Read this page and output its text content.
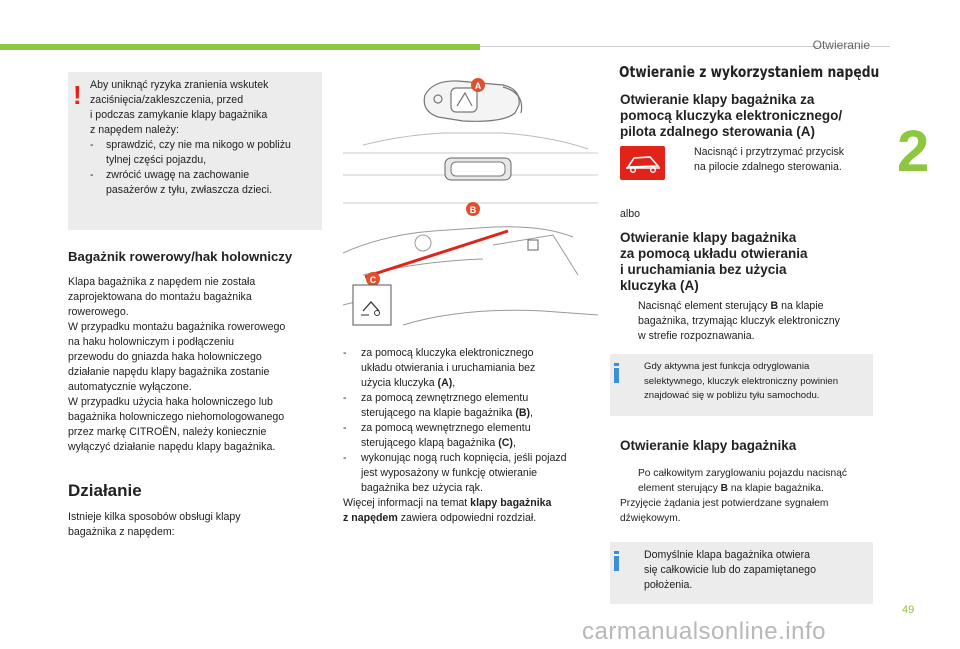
Otwieranie
2
49
carmanualsonline.info
! Aby uniknąć ryzyka zranienia wskutek

zaciśnięcia/zakleszczenia, przed

i podczas zamykanie klapy bagażnika

z napędem należy:

-	sprawdzić, czy nie ma nikogo w pobliżu
tylnej części pojazdu,
-	zwrócić uwagę na zachowanie
pasażerów z tyłu, zwłaszcza dzieci.
Bagażnik rowerowy/hak holowniczy

Klapa bagażnika z napędem nie została

zaprojektowana do montażu bagażnika

rowerowego.

W przypadku montażu bagażnika rowerowego

na haku holowniczym i podłączeniu

przewodu do gniazda haka holowniczego

działanie napędu klapy bagażnika zostanie

automatycznie wyłączone.

W przypadku użycia haka holowniczego lub

bagażnika holowniczego niehomologowanego

przez markę CITROËN, należy koniecznie

wyłączyć działanie napędu klapy bagażnika.

Działanie

Istnieje kilka sposobów obsługi klapy

bagażnika z napędem:

A
B
C
-	za pomocą kluczyka elektronicznego
układu otwierania i uruchamiania bez
użycia kluczyka (A),
-	za pomocą zewnętrznego elementu
sterującego na klapie bagażnika (B),
-	za pomocą wewnętrznego elementu
sterującego klapą bagażnika (C),
-	wykonując nogą ruch kopnięcia, jeśli pojazd
jest wyposażony w funkcję otwieranie
bagażnika bez użycia rąk.

Więcej informacji na temat klapy bagażnika
z napędem zawiera odpowiedni rozdział.

Otwieranie z wykorzystaniem napędu
Otwieranie klapy bagażnika za
pomocą kluczyka elektronicznego/
pilota zdalnego sterowania (A)
Nacisnąć i przytrzymać przycisk
na pilocie zdalnego sterowania.
albo
Otwieranie klapy bagażnika
za pomocą układu otwierania
i uruchamiania bez użycia
kluczyka (A)
Nacisnąć element sterujący B na klapie
bagażnika, trzymając kluczyk elektroniczny
w strefie rozpoznawania.

Gdy aktywna jest funkcja odryglowania

selektywnego, kluczyk elektroniczny powinien

znajdować się w pobliżu tyłu samochodu.

Otwieranie klapy bagażnika
Po całkowitym zaryglowaniu pojazdu nacisnąć
element sterujący B na klapie bagażnika.

Przyjęcie żądania jest potwierdzane sygnałem

dźwiękowym.

Domyślnie klapa bagażnika otwiera

się całkowicie lub do zapamiętanego

położenia.
